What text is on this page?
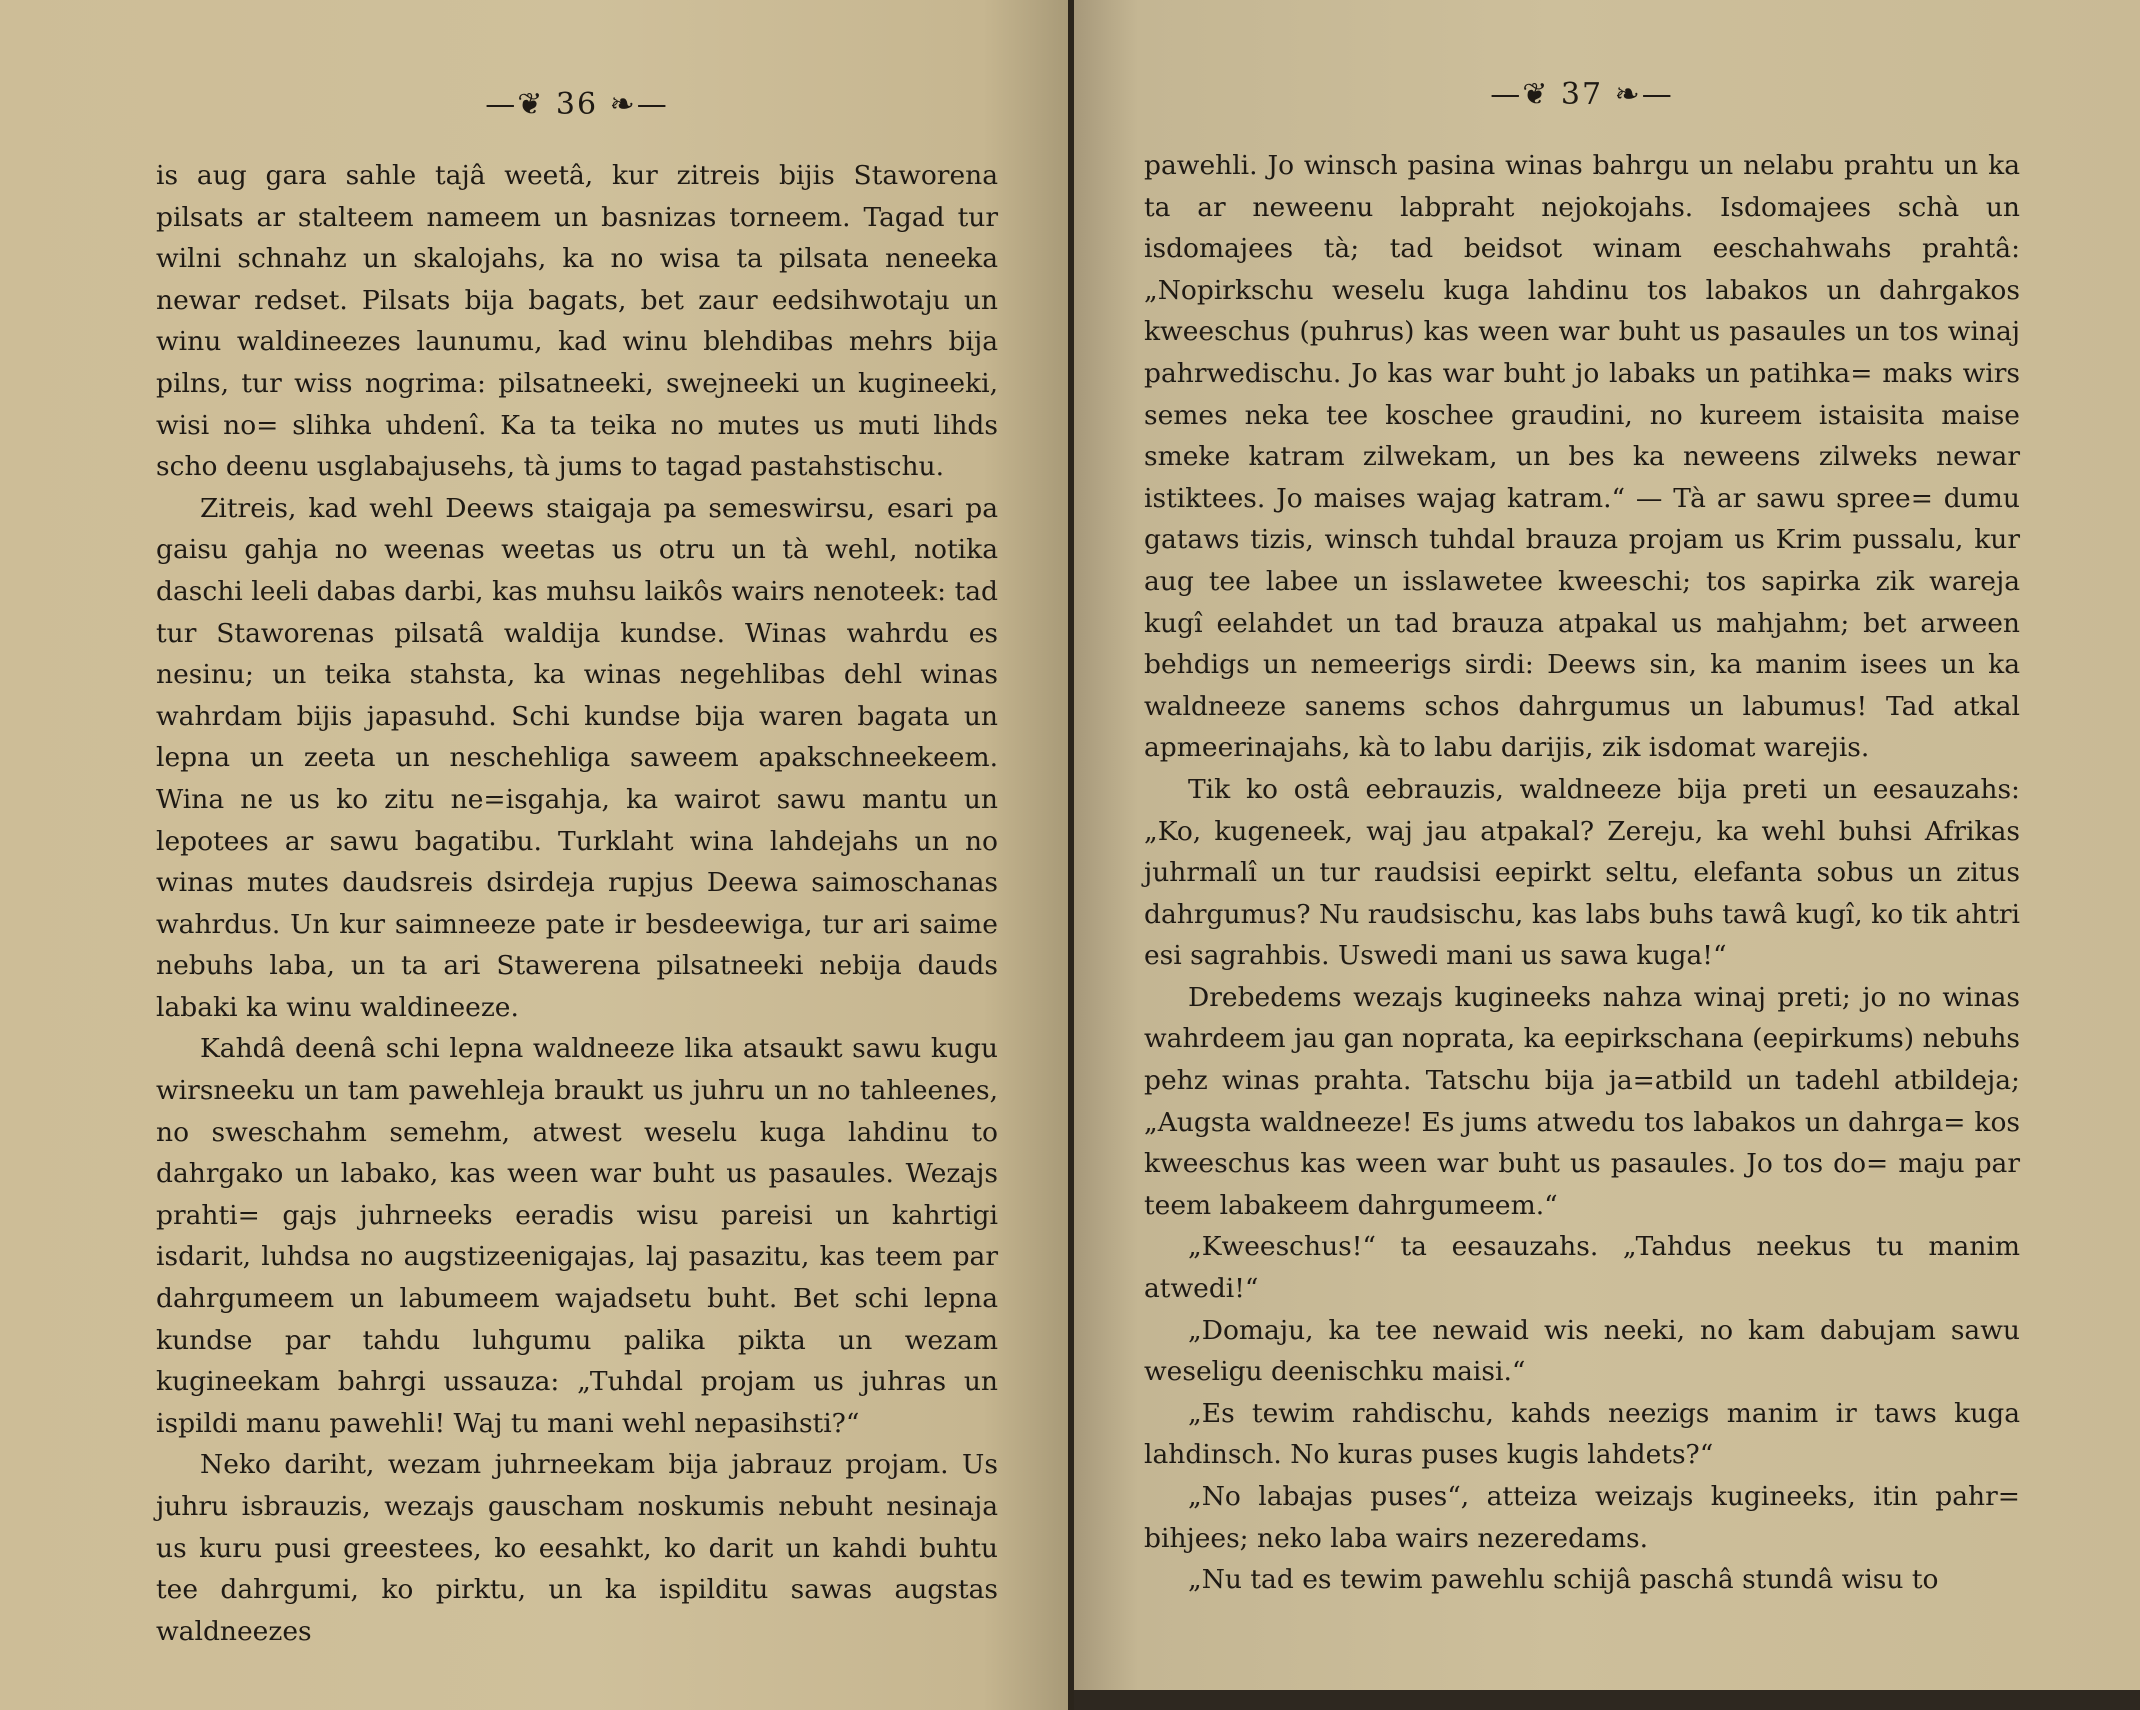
—❦ 36 ❧—

is aug gara sahle tajâ weetâ, kur zitreis bijis Staworena pilsats ar staltеem nameem un basnizas torneem. Tagad tur wilni schnahz un skalojahs, ka no wisa ta pilsata neneeka newar redset. Pilsats bija bagats, bet zaur eedsihwotaju un winu waldineezes launumu, kad winu blehdibas mehrs bija pilns, tur wiss nogrima: pilsatneeki, swejneeki un kugineeki, wisi no= slihka uhdenî. Ka ta teika no mutes us muti lihds scho deenu usglabajusehs, tà jums to tagad pastahstischu.

Zitreis, kad wehl Deews staigaja pa semeswirsu, esari pa gaisu gahja no weenas weetas us otru un tà wehl, notika daschi leeli dabas darbi, kas muhsu laikôs wairs nenoteek: tad tur Staworenas pilsatâ waldija kundse. Winas wahrdu es nesinu; un teika stahsta, ka winas negehlibas dehl winas wahrdam bijis japasuhd. Schi kundse bija waren bagata un lepna un zeeta un neschehliga saweem apakschneekeem. Wina ne us ko zitu ne=isgahja, ka wairot sawu mantu un lepotees ar sawu bagatibu. Turklaht wina lahdejahs un no winas mutes daudsreis dsirdeja rupjus Deewa saimoschanas wahrdus. Un kur saimneeze pate ir besdeewiga, tur ari saime nebuhs laba, un ta ari Stawerena pilsatneeki nebija dauds labaki ka winu waldineeze.

Kahdâ deenâ schi lepna waldneeze lika atsaukt sawu kugu wirsneeku un tam pawehleja braukt us juhru un no tahleenes, no swеschahm semehm, atwest weselu kuga lahdinu to dahrgako un labako, kas ween war buht us pasaules. Wezajs prahti= gajs juhrneeks eeradis wisu pareisi un kahrtigi isdarit, luhdsa no augstizeenigajas, laj pasazitu, kas teem par dahrgumeem un labumeem wajadsetu buht. Bet schi lepna kundse par tahdu luhgumu palika pikta un wezam kugineekam bahrgi ussauza: „Tuhdal projam us juhras un ispildi manu pawehli! Waj tu mani wehl nepasihsti?“

Neko dariht, wezam juhrneekam bija jabrauz projam. Us juhru isbrauzis, wezajs gauscham noskumis nebuht nesinaja us kuru pusi greestees, ko eesahkt, ko darit un kahdi buhtu tee dahrgumi, ko pirktu, un ka ispilditu sawas augstas waldneezes

—❦ 37 ❧—

pawehli. Jo winsch pasina winas bahrgu un nelabu prahtu un ka ta ar neweenu labpraht nejokojahs. Isdomajees schà un isdomajees tà; tad beidsot winam eeschahwahs prahtâ: „Nopirkschu weselu kuga lahdinu tos labakos un dahrgakos kweeschus (puhrus) kas ween war buht us pasaules un tos winaj pahrwedischu. Jo kas war buht jo labaks un patihka= maks wirs semes neka tee koschee graudini, no kureem istaisita maise smeke katram zilwekam, un bes ka neweens zilweks newar istiktees. Jo maises wajag katram.“ — Tà ar sawu spree= dumu gataws tizis, winsch tuhdal brauza projam us Krim pussalu, kur aug tee labee un isslawetee kweeschi; tos sapirka zik wareja kugî eelahdet un tad brauza atpakal us mahjahm; bet arween behdigs un nemeerigs sirdi: Deews sin, ka manim isees un ka waldneeze sanems schos dahrgumus un labumus! Tad atkal apmeerinajahs, kà to labu darijis, zik isdomat warejis.

Tik ko ostâ eebrauzis, waldneeze bija preti un eesauzahs: „Ko, kugeneek, waj jau atpakal? Zereju, ka wehl buhsi Afrikas juhrmalî un tur raudsisi eepirkt seltu, elefanta sobus un zitus dahrgumus? Nu raudsischu, kas labs buhs tawâ kugî, ko tik ahtri esi sagrahbis. Uswedi mani us sawa kuga!“

Drebedems wezajs kugineeks nahza winaj preti; jo no winas wahrdeem jau gan noprata, ka eepirkschana (eepirkums) nebuhs pehz winas prahta. Tatschu bija ja=atbild un tadehl atbildeja; „Augsta waldneeze! Es jums atwedu tos labakos un dahrga= kos kweeschus kas ween war buht us pasaules. Jo tos do= maju par teem labakeem dahrgumeem.“

„Kweeschus!“ ta eesauzahs. „Tahdus neekus tu manim atwedi!“

„Domaju, ka tee newaid wis neeki, no kam dabujam sawu weseligu deenischku maisi.“

„Es tewim rahdischu, kahds neezigs manim ir taws kuga lahdinsch. No kuras puses kugis lahdets?“

„No labajas puses“, atteiza weizajs kugineeks, itin pahr= bihjees; neko laba wairs nezeredams.

„Nu tad es tewim pawehlu schijâ paschâ stundâ wisu to
